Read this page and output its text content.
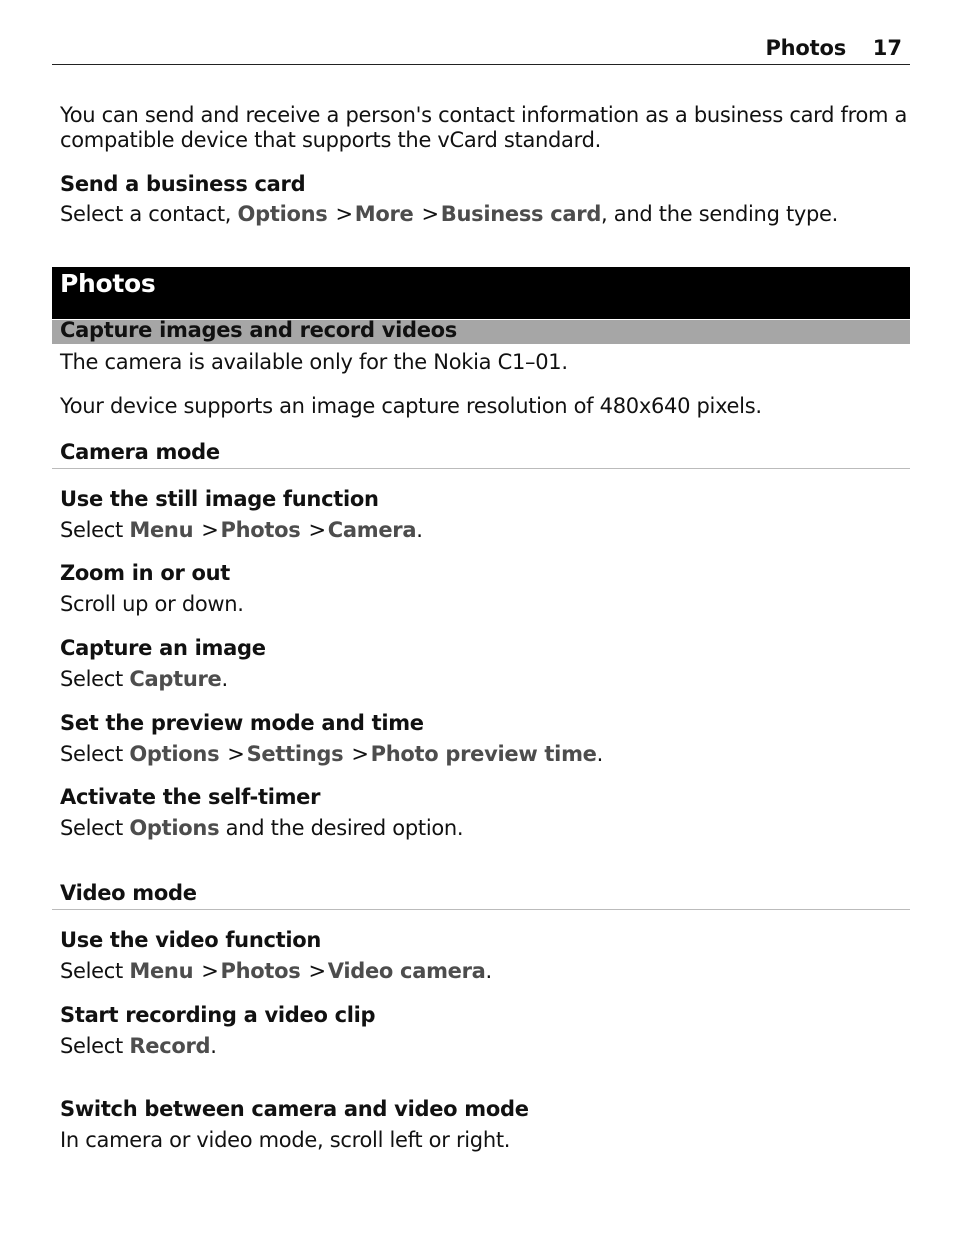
Photos 17
You can send and receive a person's contact information as a business card from a
compatible device that supports the vCard standard.
Send a business card
Select a contact, Options >More >Business card, and the sending type.
Photos
Capture images and record videos
The camera is available only for the Nokia C1–01.
Your device supports an image capture resolution of 480x640 pixels.
Camera mode
Use the still image function
Select Menu >Photos >Camera.
Zoom in or out
Scroll up or down.
Capture an image
Select Capture.
Set the preview mode and time
Select Options >Settings >Photo preview time.
Activate the self-timer
Select Options and the desired option.
Video mode
Use the video function
Select Menu >Photos >Video camera.
Start recording a video clip
Select Record.
Switch between camera and video mode
In camera or video mode, scroll left or right.
